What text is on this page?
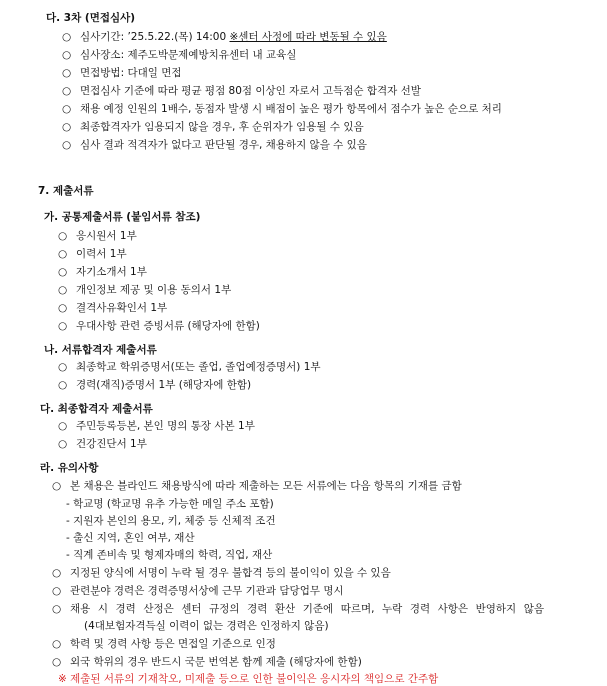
다. 3차 (면접심사)
○ 심사기간: ’25.5.22.(목) 14:00 ※센터 사정에 따라 변동될 수 있음
○ 심사장소: 제주도박문제예방치유센터 내 교육실
○ 면접방법: 다대일 면접
○ 면접심사 기준에 따라 평균 평점 80점 이상인 자로서 고득점순 합격자 선발
○ 채용 예정 인원의 1배수, 동점자 발생 시 배점이 높은 평가 항목에서 점수가 높은 순으로 처리
○ 최종합격자가 임용되지 않을 경우, 후 순위자가 임용될 수 있음
○ 심사 결과 적격자가 없다고 판단될 경우, 채용하지 않을 수 있음
7. 제출서류
가. 공통제출서류 (붙임서류 참조)
○ 응시원서 1부
○ 이력서 1부
○ 자기소개서 1부
○ 개인정보 제공 및 이용 동의서 1부
○ 결격사유확인서 1부
○ 우대사항 관련 증빙서류 (해당자에 한함)
나. 서류합격자 제출서류
○ 최종학교 학위증명서(또는 졸업, 졸업예정증명서) 1부
○ 경력(재직)증명서 1부 (해당자에 한함)
다. 최종합격자 제출서류
○ 주민등록등본, 본인 명의 통장 사본 1부
○ 건강진단서 1부
라. 유의사항
○ 본 채용은 블라인드 채용방식에 따라 제출하는 모든 서류에는 다음 항목의 기재를 금함
- 학교명 (학교명 유추 가능한 메일 주소 포함)
- 지원자 본인의 용모, 키, 체중 등 신체적 조건
- 출신 지역, 혼인 여부, 재산
- 직계 존비속 및 형제자매의 학력, 직업, 재산
○ 지정된 양식에 서명이 누락 될 경우 불합격 등의 불이익이 있을 수 있음
○ 관련분야 경력은 경력증명서상에 근무 기관과 담당업무 명시
○ 채용 시 경력 산정은 센터 규정의 경력 환산 기준에 따르며, 누락 경력 사항은 반영하지 않음
(4대보험자격득실 이력이 없는 경력은 인정하지 않음)
○ 학력 및 경력 사항 등은 면접일 기준으로 인정
○ 외국 학위의 경우 반드시 국문 번역본 함께 제출 (해당자에 한함)
※ 제출된 서류의 기재착오, 미제출 등으로 인한 불이익은 응시자의 책임으로 간주함
